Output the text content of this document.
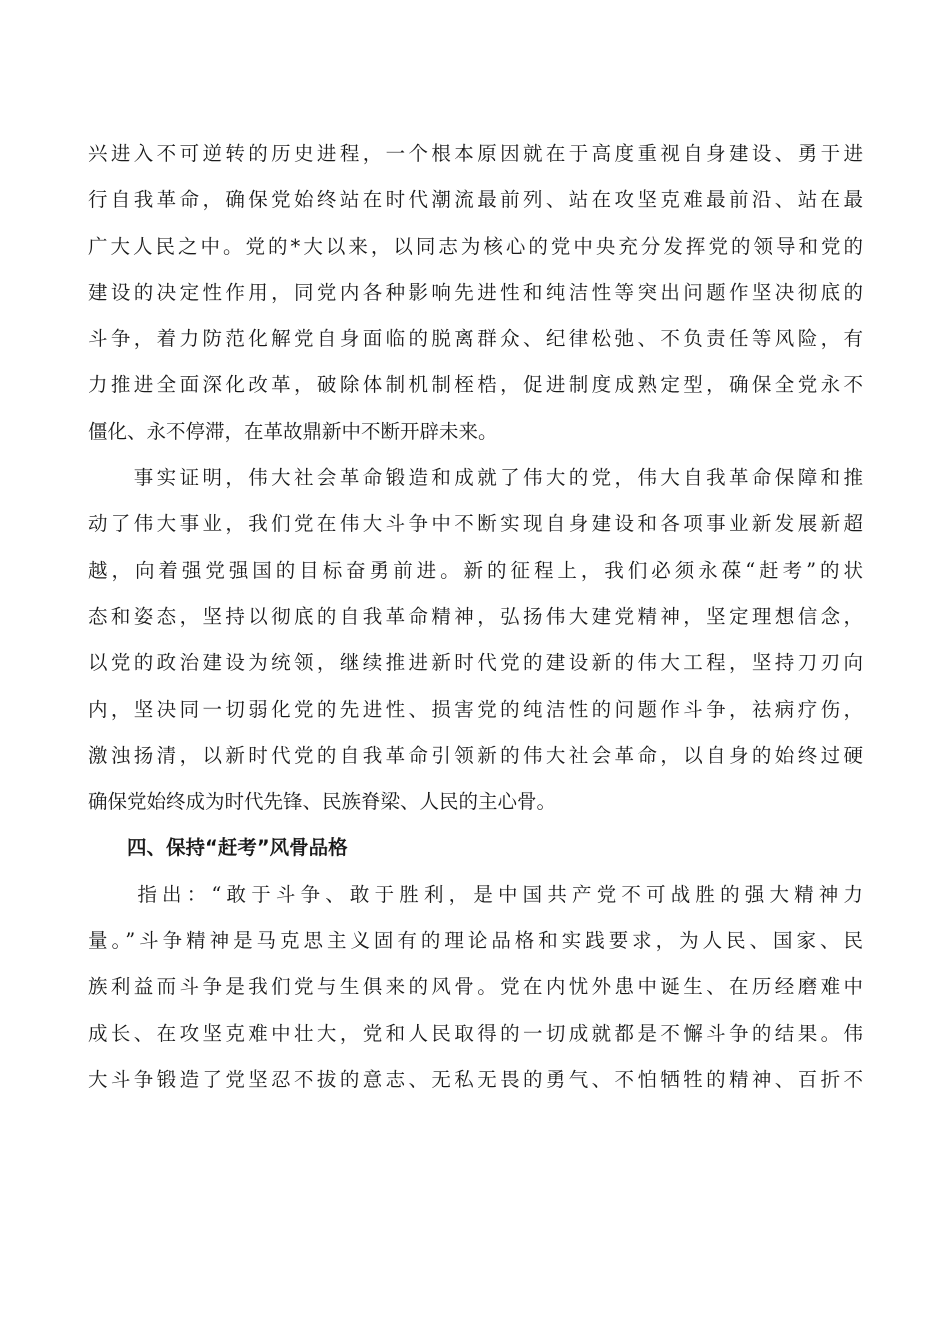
兴进入不可逆转的历史进程，一个根本原因就在于高度重视自身建设、勇于进
行自我革命，确保党始终站在时代潮流最前列、站在攻坚克难最前沿、站在最
广大人民之中。党的*大以来，以同志为核心的党中央充分发挥党的领导和党的
建设的决定性作用，同党内各种影响先进性和纯洁性等突出问题作坚决彻底的
斗争，着力防范化解党自身面临的脱离群众、纪律松弛、不负责任等风险，有
力推进全面深化改革，破除体制机制桎梏，促进制度成熟定型，确保全党永不
僵化、永不停滞，在革故鼎新中不断开辟未来。
　　事实证明，伟大社会革命锻造和成就了伟大的党，伟大自我革命保障和推
动了伟大事业，我们党在伟大斗争中不断实现自身建设和各项事业新发展新超
越，向着强党强国的目标奋勇前进。新的征程上，我们必须永葆“赶考”的状
态和姿态，坚持以彻底的自我革命精神，弘扬伟大建党精神，坚定理想信念，
以党的政治建设为统领，继续推进新时代党的建设新的伟大工程，坚持刀刃向
内，坚决同一切弱化党的先进性、损害党的纯洁性的问题作斗争，祛病疗伤，
激浊扬清，以新时代党的自我革命引领新的伟大社会革命，以自身的始终过硬
确保党始终成为时代先锋、民族脊梁、人民的主心骨。
四、保持“赶考”风骨品格
　　指出：“敢于斗争、敢于胜利，是中国共产党不可战胜的强大精神力
量。”斗争精神是马克思主义固有的理论品格和实践要求，为人民、国家、民
族利益而斗争是我们党与生俱来的风骨。党在内忧外患中诞生、在历经磨难中
成长、在攻坚克难中壮大，党和人民取得的一切成就都是不懈斗争的结果。伟
大斗争锻造了党坚忍不拔的意志、无私无畏的勇气、不怕牺牲的精神、百折不
